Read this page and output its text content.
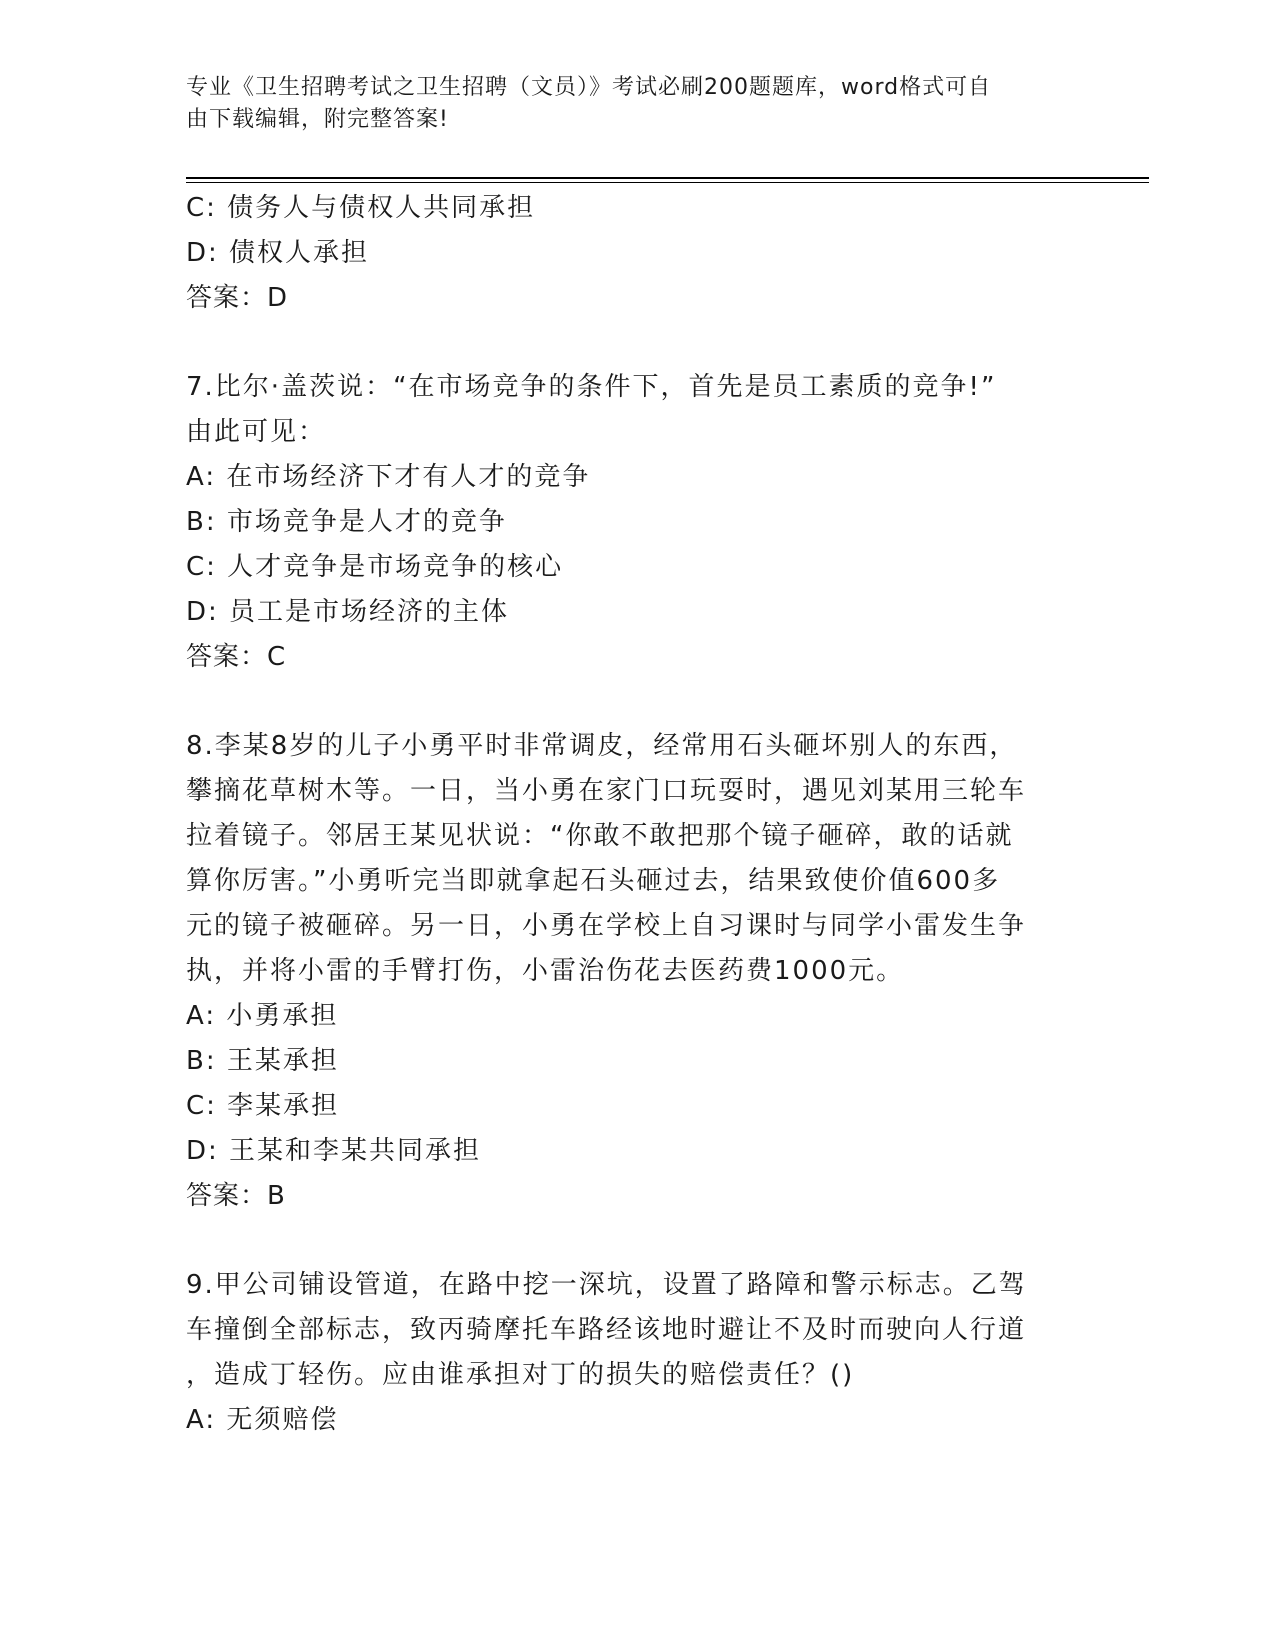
专业《卫生招聘考试之卫生招聘（文员）》考试必刷200题题库，word格式可自
由下载编辑，附完整答案!
C: 债务人与债权人共同承担
D: 债权人承担
答案：D
7.比尔·盖茨说：“在市场竞争的条件下，首先是员工素质的竞争!”
由此可见：
A: 在市场经济下才有人才的竞争
B: 市场竞争是人才的竞争
C: 人才竞争是市场竞争的核心
D: 员工是市场经济的主体
答案：C
8.李某8岁的儿子小勇平时非常调皮，经常用石头砸坏别人的东西，
攀摘花草树木等。一日，当小勇在家门口玩耍时，遇见刘某用三轮车
拉着镜子。邻居王某见状说：“你敢不敢把那个镜子砸碎，敢的话就
算你厉害。”小勇听完当即就拿起石头砸过去，结果致使价值600多
元的镜子被砸碎。另一日，小勇在学校上自习课时与同学小雷发生争
执，并将小雷的手臂打伤，小雷治伤花去医药费1000元。
A: 小勇承担
B: 王某承担
C: 李某承担
D: 王某和李某共同承担
答案：B
9.甲公司铺设管道，在路中挖一深坑，设置了路障和警示标志。乙驾
车撞倒全部标志，致丙骑摩托车路经该地时避让不及时而驶向人行道
，造成丁轻伤。应由谁承担对丁的损失的赔偿责任？()
A: 无须赔偿
